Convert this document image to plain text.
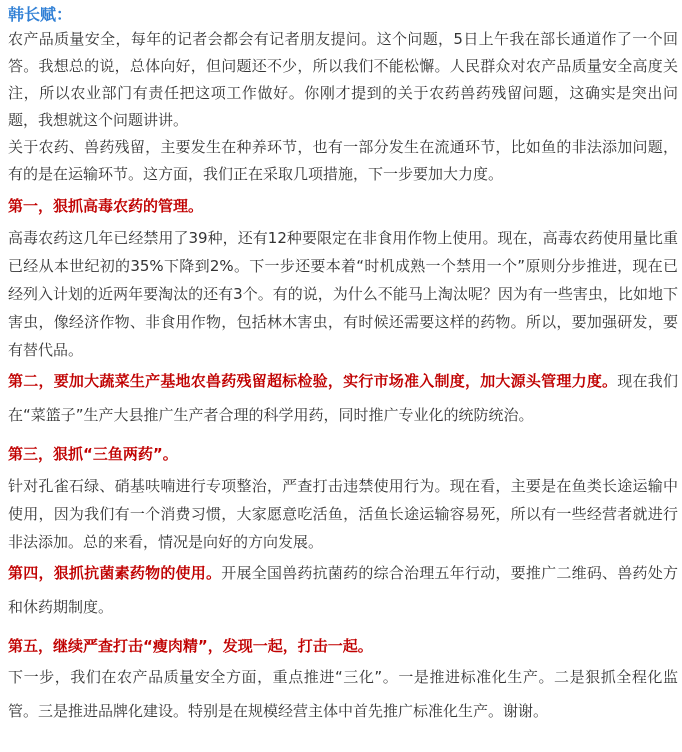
韩长赋：

农产品质量安全，每年的记者会都会有记者朋友提问。这个问题，5日上午我在部长通道作了一个回答。我想总的说，总体向好，但问题还不少，所以我们不能松懈。人民群众对农产品质量安全高度关注，所以农业部门有责任把这项工作做好。你刚才提到的关于农药兽药残留问题，这确实是突出问题，我想就这个问题讲讲。

关于农药、兽药残留，主要发生在种养环节，也有一部分发生在流通环节，比如鱼的非法添加问题，有的是在运输环节。这方面，我们正在采取几项措施，下一步要加大力度。

第一，狠抓高毒农药的管理。

高毒农药这几年已经禁用了39种，还有12种要限定在非食用作物上使用。现在，高毒农药使用量比重已经从本世纪初的35%下降到2%。下一步还要本着“时机成熟一个禁用一个”原则分步推进，现在已经列入计划的近两年要淘汰的还有3个。有的说，为什么不能马上淘汰呢？因为有一些害虫，比如地下害虫，像经济作物、非食用作物，包括林木害虫，有时候还需要这样的药物。所以，要加强研发，要有替代品。

第二，要加大蔬菜生产基地农兽药残留超标检验，实行市场准入制度，加大源头管理力度。现在我们在“菜篮子”生产大县推广生产者合理的科学用药，同时推广专业化的统防统治。

第三，狠抓“三鱼两药”。

针对孔雀石绿、硝基呋喃进行专项整治，严查打击违禁使用行为。现在看，主要是在鱼类长途运输中使用，因为我们有一个消费习惯，大家愿意吃活鱼，活鱼长途运输容易死，所以有一些经营者就进行非法添加。总的来看，情况是向好的方向发展。

第四，狠抓抗菌素药物的使用。开展全国兽药抗菌药的综合治理五年行动，要推广二维码、兽药处方和休药期制度。

第五，继续严查打击“瘦肉精”，发现一起，打击一起。

下一步，我们在农产品质量安全方面，重点推进“三化”。一是推进标准化生产。二是狠抓全程化监管。三是推进品牌化建设。特别是在规模经营主体中首先推广标准化生产。谢谢。
